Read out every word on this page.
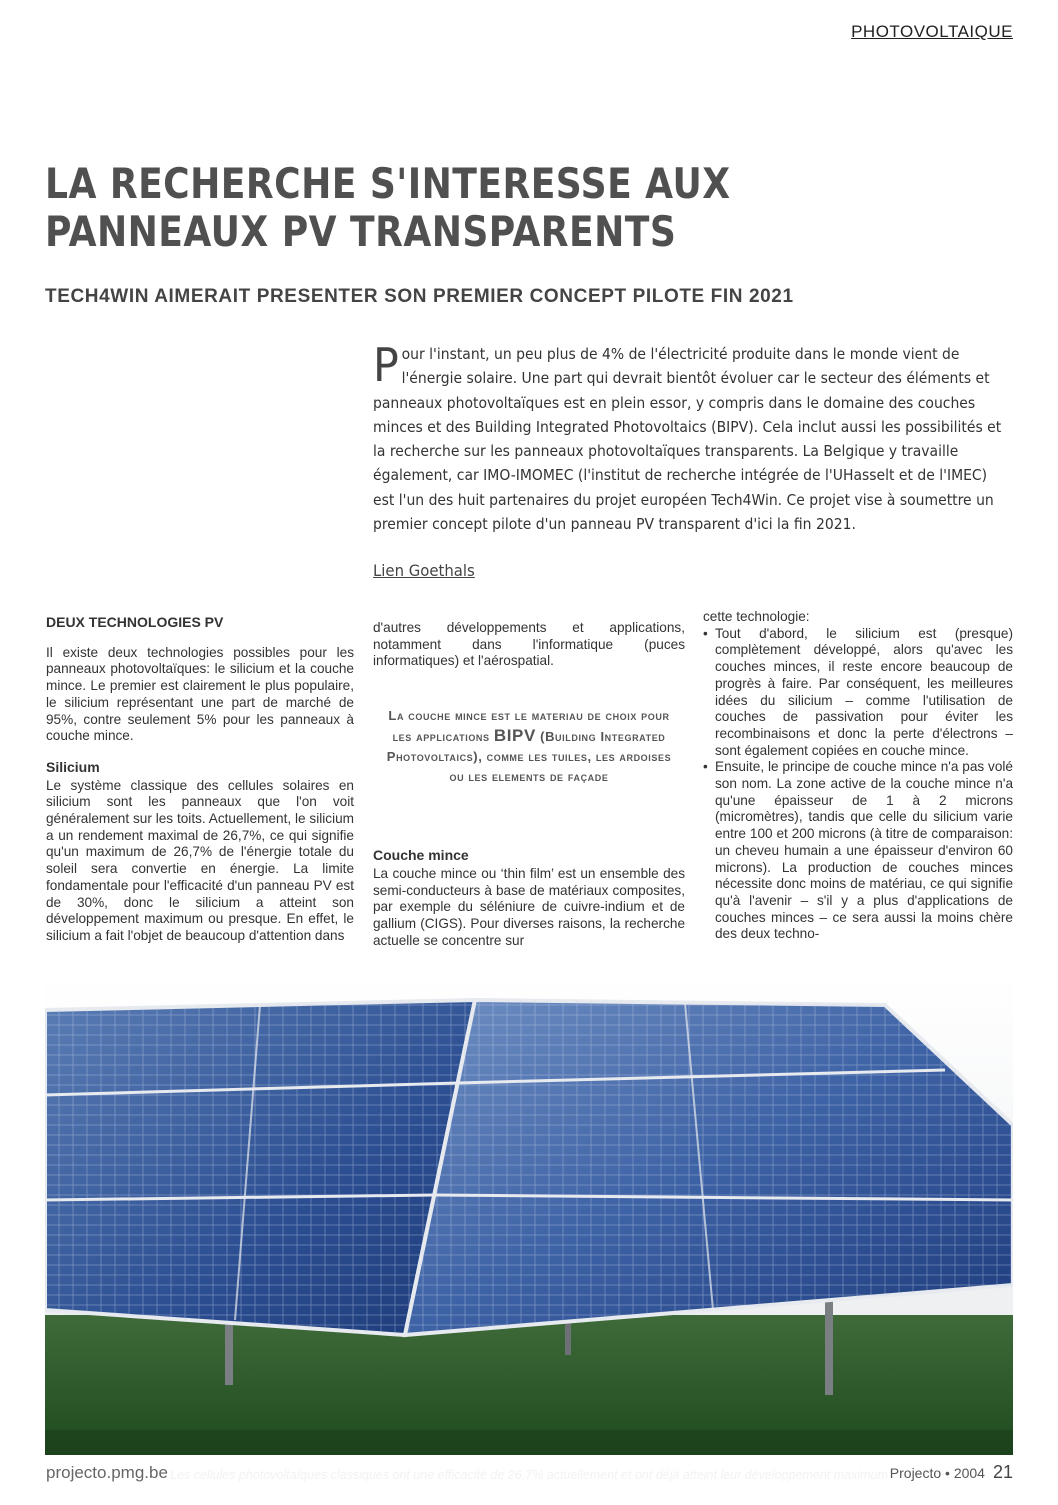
PHOTOVOLTAIQUE
LA RECHERCHE S'INTERESSE AUX
PANNEAUX PV TRANSPARENTS
TECH4WIN AIMERAIT PRESENTER SON PREMIER CONCEPT PILOTE FIN 2021

Pour l'instant, un peu plus de 4% de l'électricité produite dans le monde vient de l'énergie solaire. Une part qui devrait bientôt évoluer car le secteur des éléments et panneaux photovoltaïques est en plein essor, y compris dans le domaine des couches minces et des Building Integrated Photovoltaics (BIPV). Cela inclut aussi les possibilités et la recherche sur les panneaux photovoltaïques transparents. La Belgique y travaille également, car IMO-IMOMEC (l'institut de recherche intégrée de l'UHasselt et de l'IMEC) est l'un des huit partenaires du projet européen Tech4Win. Ce projet vise à soumettre un premier concept pilote d'un panneau PV transparent d'ici la fin 2021.

Lien Goethals
DEUX TECHNOLOGIES PV

Il existe deux technologies possibles pour les panneaux photovoltaïques: le silicium et la couche mince. Le premier est clairement le plus populaire, le silicium représentant une part de marché de 95%, contre seulement 5% pour les panneaux à couche mince.

Silicium

Le système classique des cellules solaires en silicium sont les panneaux que l'on voit généralement sur les toits. Actuellement, le silicium a un rendement maximal de 26,7%, ce qui signifie qu'un maximum de 26,7% de l'énergie totale du soleil sera convertie en énergie. La limite fondamentale pour l'efficacité d'un panneau PV est de 30%, donc le silicium a atteint son développement maximum ou presque. En effet, le silicium a fait l'objet de beaucoup d'attention dans

d'autres développements et applications, notamment dans l'informatique (puces informatiques) et l'aérospatial.

La couche mince est le materiau de choix pour les applications BIPV (Building Integrated Photovoltaics), comme les tuiles, les ardoises ou les elements de façade
Couche mince

La couche mince ou ‘thin film’ est un ensemble des semi-conducteurs à base de matériaux composites, par exemple du séléniure de cuivre-indium et de gallium (CIGS). Pour diverses raisons, la recherche actuelle se concentre sur

cette technologie:

• Tout d'abord, le silicium est (presque) complètement développé, alors qu'avec les couches minces, il reste encore beaucoup de progrès à faire. Par conséquent, les meilleures idées du silicium – comme l'utilisation de couches de passivation pour éviter les recombinaisons et donc la perte d'électrons – sont également copiées en couche mince.
• Ensuite, le principe de couche mince n'a pas volé son nom. La zone active de la couche mince n'a qu'une épaisseur de 1 à 2 microns (micromètres), tandis que celle du silicium varie entre 100 et 200 microns (à titre de comparaison: un cheveu humain a une épaisseur d'environ 60 microns). La production de couches minces nécessite donc moins de matériau, ce qui signifie qu'à l'avenir – s'il y a plus d'applications de couches minces – ce sera aussi la moins chère des deux techno-
Les cellules photovoltaïques classiques ont une efficacité de 26,7% actuellement et ont déjà atteint leur développement maximum
projecto.pmg.be	Projecto • 2004 21
